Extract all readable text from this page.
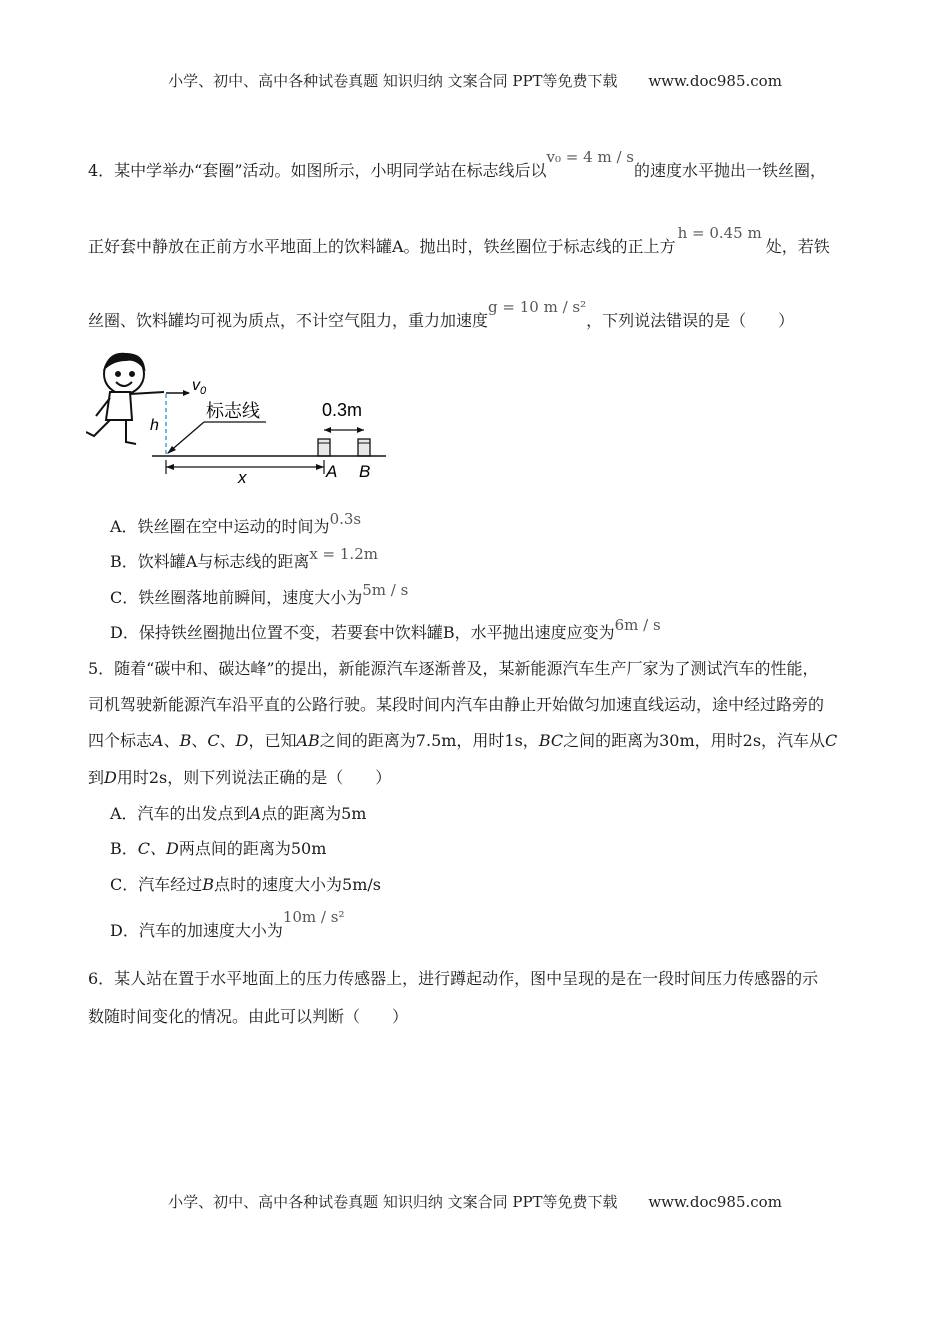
小学、初中、高中各种试卷真题 知识归纳 文案合同 PPT等免费下载 www.doc985.com
4．某中学举办“套圈”活动。如图所示，小明同学站在标志线后以v₀ = 4 m / s的速度水平抛出一铁丝圈，
正好套中静放在正前方水平地面上的饮料罐A。抛出时，铁丝圈位于标志线的正上方h = 0.45 m处，若铁
丝圈、饮料罐均可视为质点，不计空气阻力，重力加速度g = 10 m / s²，下列说法错误的是（　　）
$v_0$
h
标志线	0.3m
x	A B
A．铁丝圈在空中运动的时间为0.3s
B．饮料罐A与标志线的距离x = 1.2m
C．铁丝圈落地前瞬间，速度大小为5m / s
D．保持铁丝圈抛出位置不变，若要套中饮料罐B，水平抛出速度应变为6m / s
5．随着“碳中和、碳达峰”的提出，新能源汽车逐渐普及，某新能源汽车生产厂家为了测试汽车的性能，
司机驾驶新能源汽车沿平直的公路行驶。某段时间内汽车由静止开始做匀加速直线运动，途中经过路旁的
四个标志A、B、C、D，已知AB之间的距离为7.5m，用时1s，BC之间的距离为30m，用时2s，汽车从C
到D用时2s，则下列说法正确的是（　　）
A．汽车的出发点到A点的距离为5m
B．C、D两点间的距离为50m
C．汽车经过B点时的速度大小为5m/s
D．汽车的加速度大小为10m / s²
6．某人站在置于水平地面上的压力传感器上，进行蹲起动作，图中呈现的是在一段时间压力传感器的示
数随时间变化的情况。由此可以判断（　　）
小学、初中、高中各种试卷真题 知识归纳 文案合同 PPT等免费下载 www.doc985.com
